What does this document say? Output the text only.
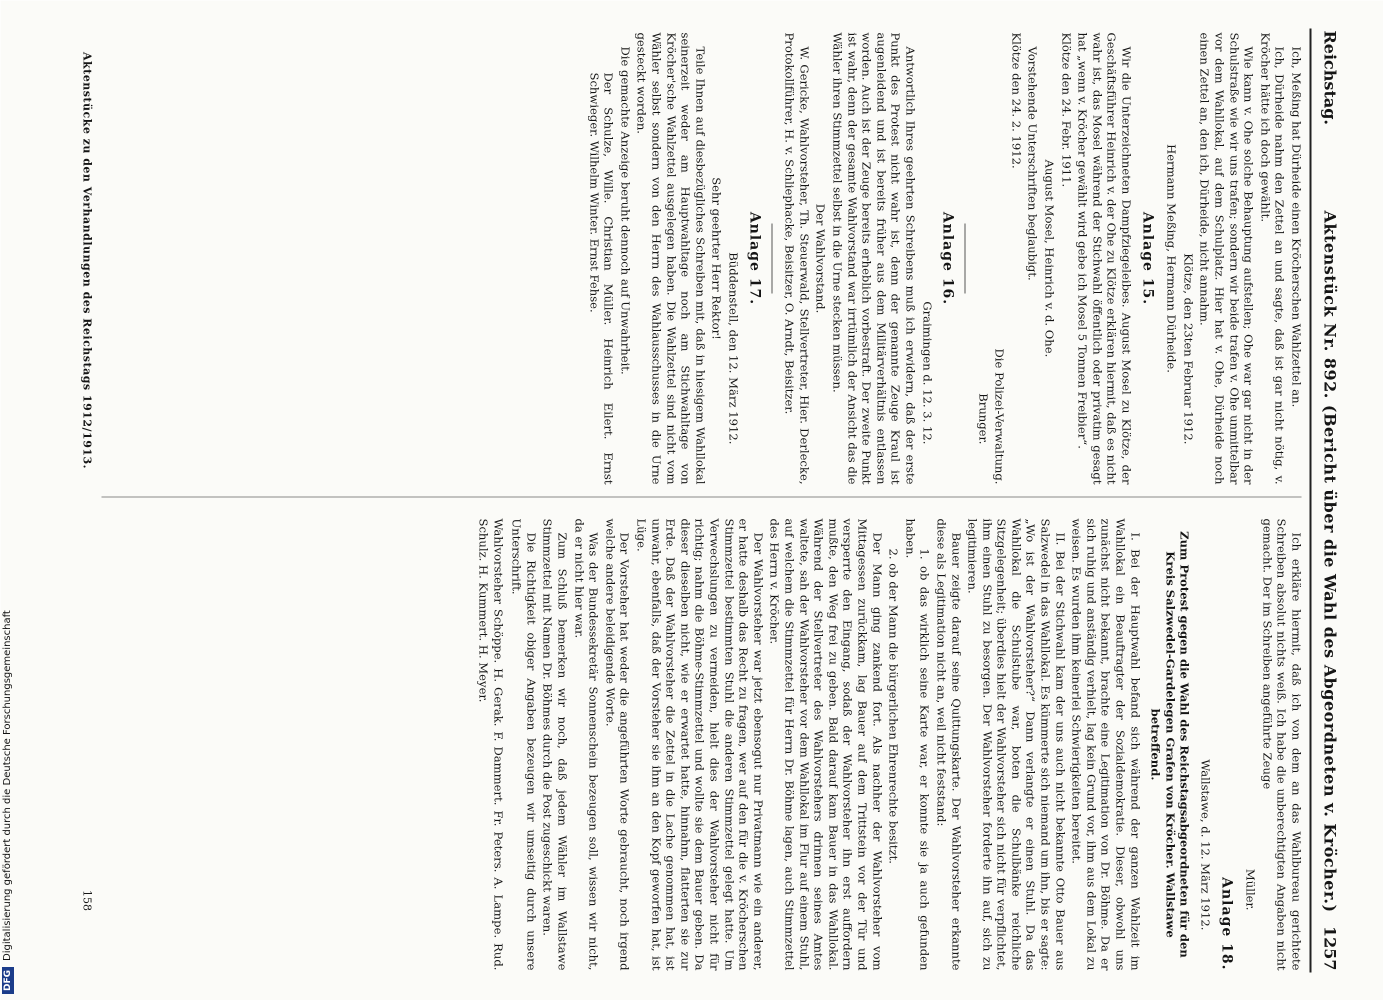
Reichstag.
Aktenstück Nr. 892. (Bericht über die Wahl des Abgeordneten v. Kröcher.)
1257

Ich, Meßing hat Dürheide einen Kröcherschen Wahlzettel an.

Ich, Dürheide nahm den Zettel an und sagte, daß ist gar nicht nötig, v. Kröcher hätte ich doch gewählt.

Wie kann v. Ohe solche Behauptung aufstellen; Ohe war gar nicht in der Schulstraße wie wir uns trafen; sondern wir beide trafen v. Ohe unmittelbar vor dem Wahllokal, auf dem Schulplatz. Hier hat v. Ohe, Dürheide noch einen Zettel an, den ich, Dürheide, nicht annahm.

Klötze, den 23ten Februar 1912.

Hermann Meßing, Hermann Dürheide.

Anlage 15.

Wir die Unterzeichneten Dampfziegeleibes. August Mosel zu Klötze, der Geschäftsführer Heinrich v. der Ohe zu Klötze erklären hiermit, daß es nicht wahr ist, das Mosel während der Stichwahl öffentlich oder privatim gesagt hat „wenn v. Kröcher gewählt wird gebe ich Mosel 5 Tonnen Freibier“.

Klötze den 24. Febr. 1911.

August Mosel, Heinrich v. d. Ohe.

Vorstehende Unterschriften beglaubigt.

Klötze den 24. 2. 1912.

Die Polizei-Verwaltung.

Brunger.

Anlage 16.

Graimingen d. 12. 3. 12.

Antwortlich Ihres geehrten Schreibens muß ich erwidern, daß der erste Punkt des Protest nicht wahr ist, denn der genannte Zeuge Kraul ist augenleidend und ist bereits früher aus dem Militärverhältnis entlassen worden. Auch ist der Zeuge bereits erheblich vorbestraft. Der zweite Punkt ist wahr, denn der gesamte Wahlvorstand war irrtümlich der Ansicht das die Wähler ihren Stimmzettel selbst in die Urne stecken müssen.

Der Wahlvorstand.

W. Gericke, Wahlvorsteher, Th. Steuerwald, Stellvertreter, Hier. Derlecke, Protokollführer, H. v. Schliephacke, Beisitzer, O. Arndt, Beisitzer.

Anlage 17.

Büddenstell, den 12. März 1912.

Sehr geehrter Herr Rektor!

Teile Ihnen auf diesbezügliches Schreiben mit, daß in hiesigem Wahllokal seinerzeit weder am Hauptwahltage noch am Stichwahltage von Kröcher'sche Wahlzettel ausgelegen haben. Die Wahlzettel sind nicht vom Wähler selbst sondern von den Herrn des Wahlausschusses in die Urne gesteckt worden.

Die gemachte Anzeige beruht dennoch auf Unwahrheit.

Der Schulze, Wille. Christian Müller. Heinrich Eilert. Ernst Schwieger. Wilhelm Winter. Ernst Fehse.

Ich erkläre hiermit, daß ich von dem an das Wahlbureau gerichtete Schreiben absolut nichts weiß. Ich habe die unberechtigten Angaben nicht gemacht. Der im Schreiben angeführte Zeuge

Müller.

Anlage 18.

Wallstawe, d. 12. März 1912.

Zum Protest gegen die Wahl des Reichstagsabgeordneten für den Kreis Salzwedel-Gardelegen Grafen von Kröcher. Wallstawe betreffend.

I. Bei der Hauptwahl befand sich während der ganzen Wahlzeit im Wahllokal ein Beauftragter der Sozialdemokratie. Dieser, obwohl uns zunächst nicht bekannt, brachte eine Legitimation von Dr. Böhme. Da er sich ruhig und anständig verhielt, lag kein Grund vor, ihm aus dem Lokal zu weisen. Es wurden ihm keinerlei Schwierigkeiten bereitet.

II. Bei der Stichwahl kam der uns auch nicht bekannte Otto Bauer aus Salzwedel in das Wahllokal. Es kümmerte sich niemand um ihn, bis er sagte: „Wo ist der Wahlvorsteher?“ Dann verlangte er einen Stuhl. Da das Wahllokal die Schulstube war, boten die Schulbänke reichliche Sitzgelegenheit; überdies hielt der Wahlvorsteher sich nicht für verpflichtet, ihm einen Stuhl zu besorgen. Der Wahlvorsteher forderte ihn auf, sich zu legitimieren.

Bauer zeigte darauf seine Quittungskarte. Der Wahlvorsteher erkannte diese als Legitimation nicht an, weil nicht feststand:

1. ob das wirklich seine Karte war, er konnte sie ja auch gefunden haben.

2. ob der Mann die bürgerlichen Ehrenrechte besitzt.

Der Mann ging zankend fort. Als nachher der Wahlvorsteher vom Mittagessen zurückkam, lag Bauer auf dem Trittstein vor der Tür und versperrte den Eingang, sodaß der Wahlvorsteher ihn erst auffordern mußte, den Weg frei zu geben. Bald darauf kam Bauer in das Wahllokal. Während der Stellvertreter des Wahlvorstehers drinnen seines Amtes waltete, sah der Wahlvorsteher vor dem Wahllokal im Flur auf einem Stuhl, auf welchem die Stimmzettel für Herrn Dr. Böhme lagen, auch Stimmzettel des Herrn v. Kröcher.

Der Wahlvorsteher war jetzt ebensogut nur Privatmann wie ein anderer, er hatte deshalb das Recht zu fragen, wer auf den für die v. Kröcherschen Stimmzettel bestimmten Stuhl die anderen Stimmzettel gelegt hatte. Um Verwechslungen zu vermeiden, hielt dies der Wahlvorsteher nicht für richtig; nahm die Böhme-Stimmzettel und wollte sie dem Bauer geben. Da dieser dieselben nicht, wie er erwartet hatte, hinnahm, flatterten sie zur Erde. Daß der Wahlvorsteher die Zettel in die Lache genommen hat, ist unwahr, ebenfalls, daß der Vorsteher sie ihm an den Kopf geworfen hat, ist Lüge.

Der Vorsteher hat weder die angeführten Worte gebraucht, noch irgend welche andere beleidigende Worte.

Was der Bundessekretär Sonnenschein bezeugen soll, wissen wir nicht, da er nicht hier war.

Zum Schluß bemerken wir noch, daß jedem Wähler im Wallstawe Stimmzettel mit Namen Dr. Böhmes durch die Post zugeschickt waren.

Die Richtigkeit obiger Angaben bezeugen wir umseitig durch unsere Unterschrift.

Wahlvorsteher Schöppe. H. Gerak. F. Dammert. Fr. Peters. A. Lampe. Rud. Schulz. H. Kummert. H. Meyer.

Aktenstücke zu den Verhandlungen des Reichstags 1912/1913.
158
DFGDigitalisierung gefördert durch die Deutsche Forschungsgemeinschaft
